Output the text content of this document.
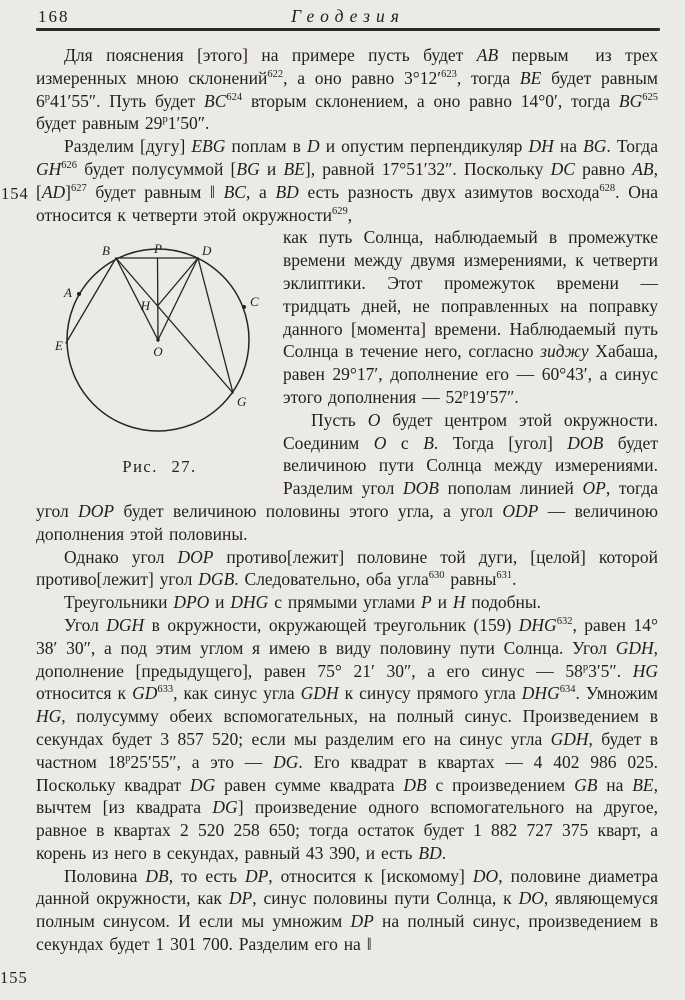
168	Геодезия
154
155

Для пояснения [этого] на примере пусть будет AB первым  из трех измеренных мною склонений$^{622}$, а оно равно $3^\circ 12'^{623}$, тогда BE будет равным $6^р41'55''$. Путь будет BC$^{624}$ вторым склонением, а оно равно 14°0′, тогда BG$^{625}$ будет равным $29^р1'50''$.

Разделим [дугу] EBG поплам в D и опустим перпендикуляр DH на BG. Тогда GH$^{626}$ будет полусуммой [BG и BE], равной 17°51′32″. Поскольку DC равно AB, [AD]$^{627}$ будет равным ‖ BC, а BD есть разность двух азимутов восхода$^{628}$. Она относится к четверти этой окружности$^{629}$,

B	P	D
A
C
H
E	O
G
Рис. 27.

как путь Солнца, наблюдаемый в промежутке времени между двумя измерениями, к четверти эклиптики. Этот промежуток времени — тридцать дней, не поправленных на поправку данного [момента] времени. Наблюдаемый путь Солнца в течение него, согласно зиджу Хабаша, равен 29°17′, дополнение его — 60°43′, а синус этого дополнения — $52^р19'57''$.

Пусть O будет центром этой окружности. Соединим O с B. Тогда [угол] DOB будет величиною пути Солнца между измерениями. Разделим угол DOB пополам линией OP, тогда угол DOP будет величиною половины этого угла, а угол ODP — величиною дополнения этой половины.

Однако угол DOP противо[лежит] половине той дуги, [целой] которой противо[лежит] угол DGB. Следовательно, оба угла$^{630}$ равны$^{631}$.

Треугольники DPO и DHG с прямыми углами P и H подобны.

Угол DGH в окружности, окружающей треугольник (159) DHG$^{632}$, равен 14° 38′ 30″, а под этим углом я имею в виду половину пути Солнца. Угол GDH, дополнение [предыдущего], равен 75° 21′ 30″, а его синус — $58^р3'5''$. HG относится к GD$^{633}$, как синус угла GDH к синусу прямого угла DHG$^{634}$. Умножим HG, полусумму обеих вспомогательных, на полный синус. Произведением в секундах будет 3 857 520; если мы разделим его на синус угла GDH, будет в частном $18^р25'55''$, а это — DG. Его квадрат в квартах — 4 402 986 025. Поскольку квадрат DG равен сумме квадрата DB с произведением GB на BE, вычтем [из квадрата DG] произведение одного вспомогательного на другое, равное в квартах 2 520 258 650; тогда остаток будет 1 882 727 375 кварт, а корень из него в секундах, равный 43 390, и есть BD.

Половина DB, то есть DP, относится к [искомому] DO, половине диаметра данной окружности, как DP, синус половины пути Солнца, к DO, являющемуся полным синусом. И если мы умножим DP на полный синус, произведением в секундах будет 1 301 700. Разделим его на ‖
